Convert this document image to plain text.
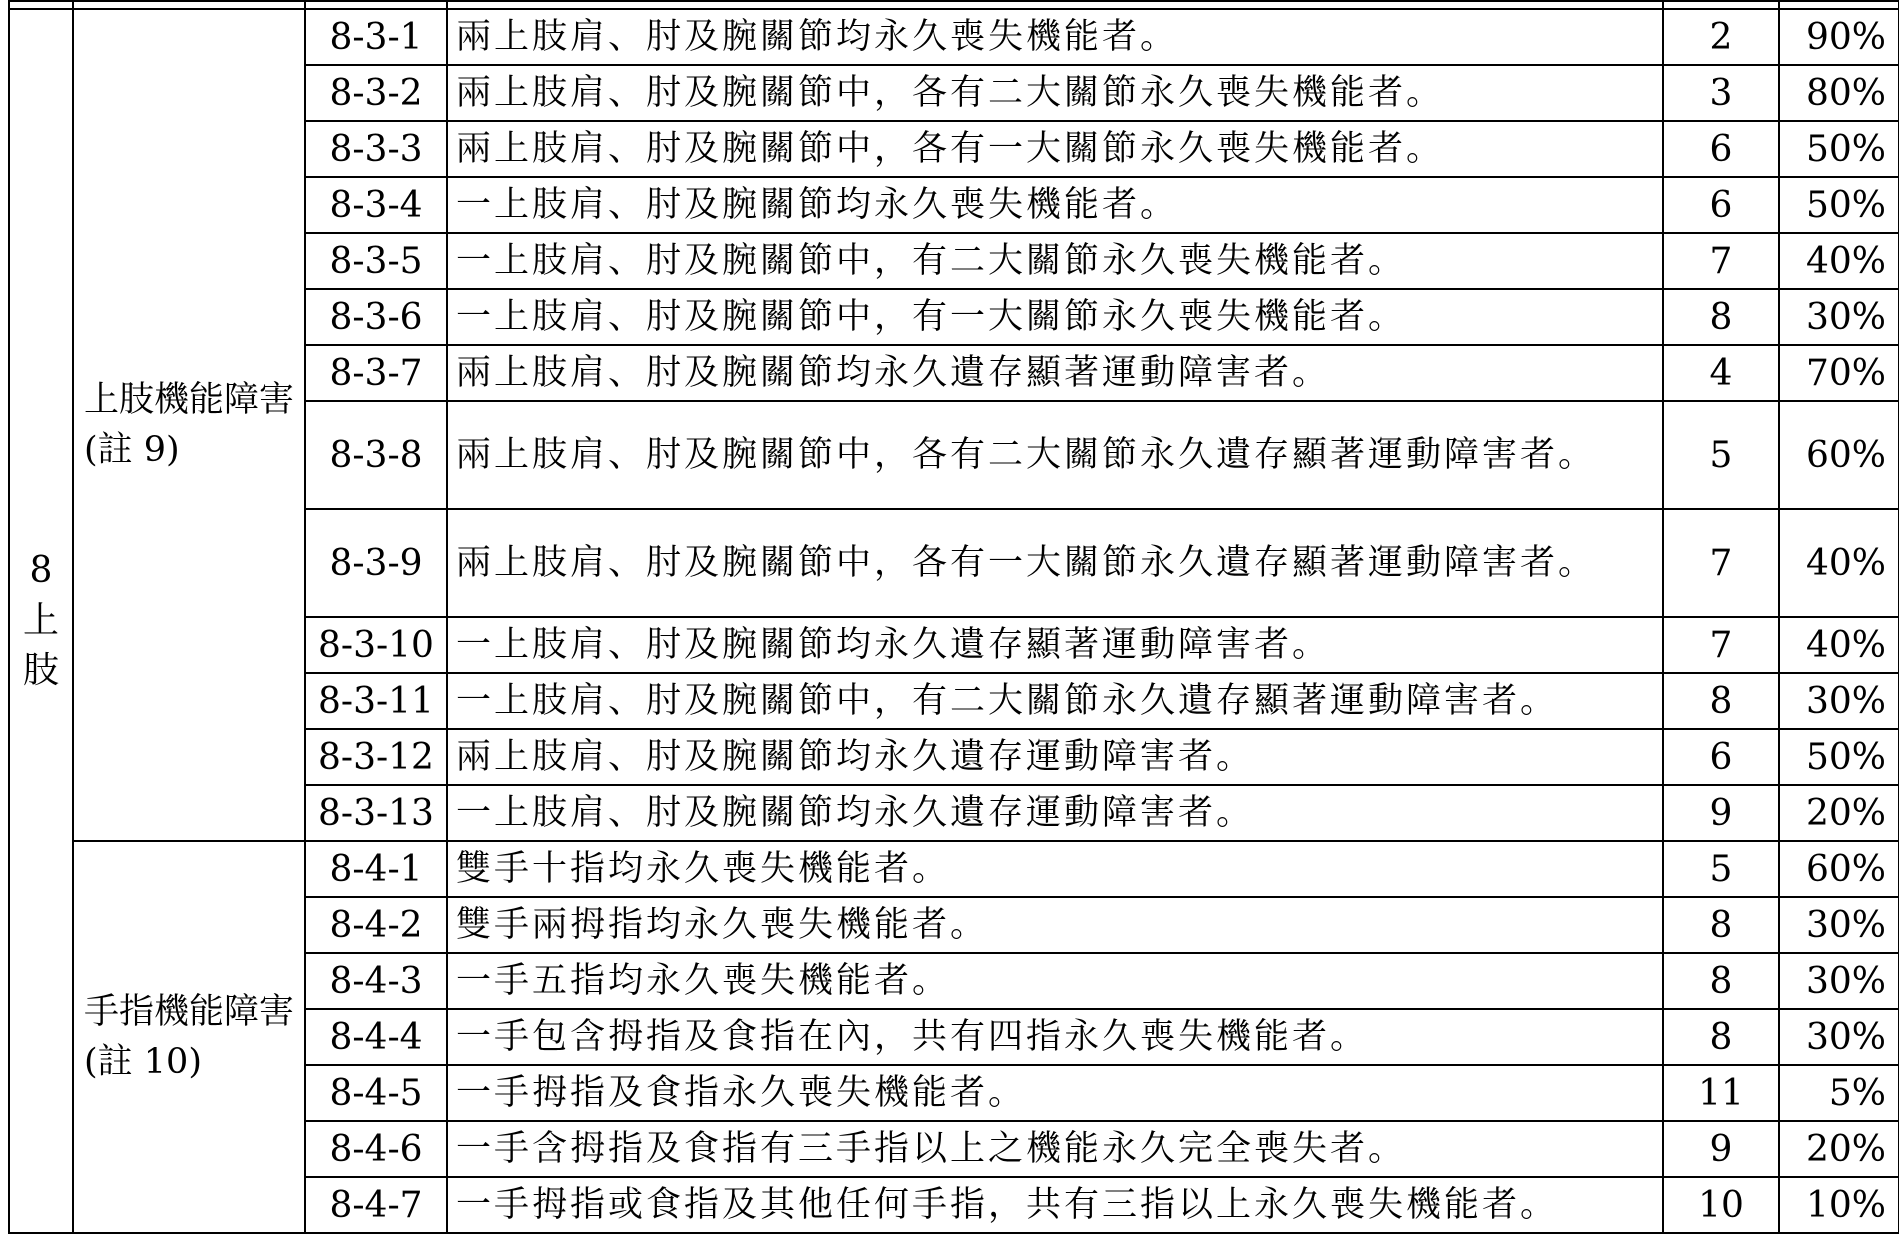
8
上
肢	上肢機能障害(註 9)	8-3-1	兩上肢肩、肘及腕關節均永久喪失機能者。	2	90%
		8-3-2	兩上肢肩、肘及腕關節中，各有二大關節永久喪失機能者。	3	80%
		8-3-3	兩上肢肩、肘及腕關節中，各有一大關節永久喪失機能者。	6	50%
		8-3-4	一上肢肩、肘及腕關節均永久喪失機能者。	6	50%
		8-3-5	一上肢肩、肘及腕關節中，有二大關節永久喪失機能者。	7	40%
		8-3-6	一上肢肩、肘及腕關節中，有一大關節永久喪失機能者。	8	30%
		8-3-7	兩上肢肩、肘及腕關節均永久遺存顯著運動障害者。	4	70%
		8-3-8	兩上肢肩、肘及腕關節中，各有二大關節永久遺存顯著運動障害者。	5	60%
		8-3-9	兩上肢肩、肘及腕關節中，各有一大關節永久遺存顯著運動障害者。	7	40%
		8-3-10	一上肢肩、肘及腕關節均永久遺存顯著運動障害者。	7	40%
		8-3-11	一上肢肩、肘及腕關節中，有二大關節永久遺存顯著運動障害者。	8	30%
		8-3-12	兩上肢肩、肘及腕關節均永久遺存運動障害者。	6	50%
		8-3-13	一上肢肩、肘及腕關節均永久遺存運動障害者。	9	20%
	手指機能障害(註 10)	8-4-1	雙手十指均永久喪失機能者。	5	60%
		8-4-2	雙手兩拇指均永久喪失機能者。	8	30%
		8-4-3	一手五指均永久喪失機能者。	8	30%
		8-4-4	一手包含拇指及食指在內，共有四指永久喪失機能者。	8	30%
		8-4-5	一手拇指及食指永久喪失機能者。	11	5%
		8-4-6	一手含拇指及食指有三手指以上之機能永久完全喪失者。	9	20%
		8-4-7	一手拇指或食指及其他任何手指，共有三指以上永久喪失機能者。	10	10%
